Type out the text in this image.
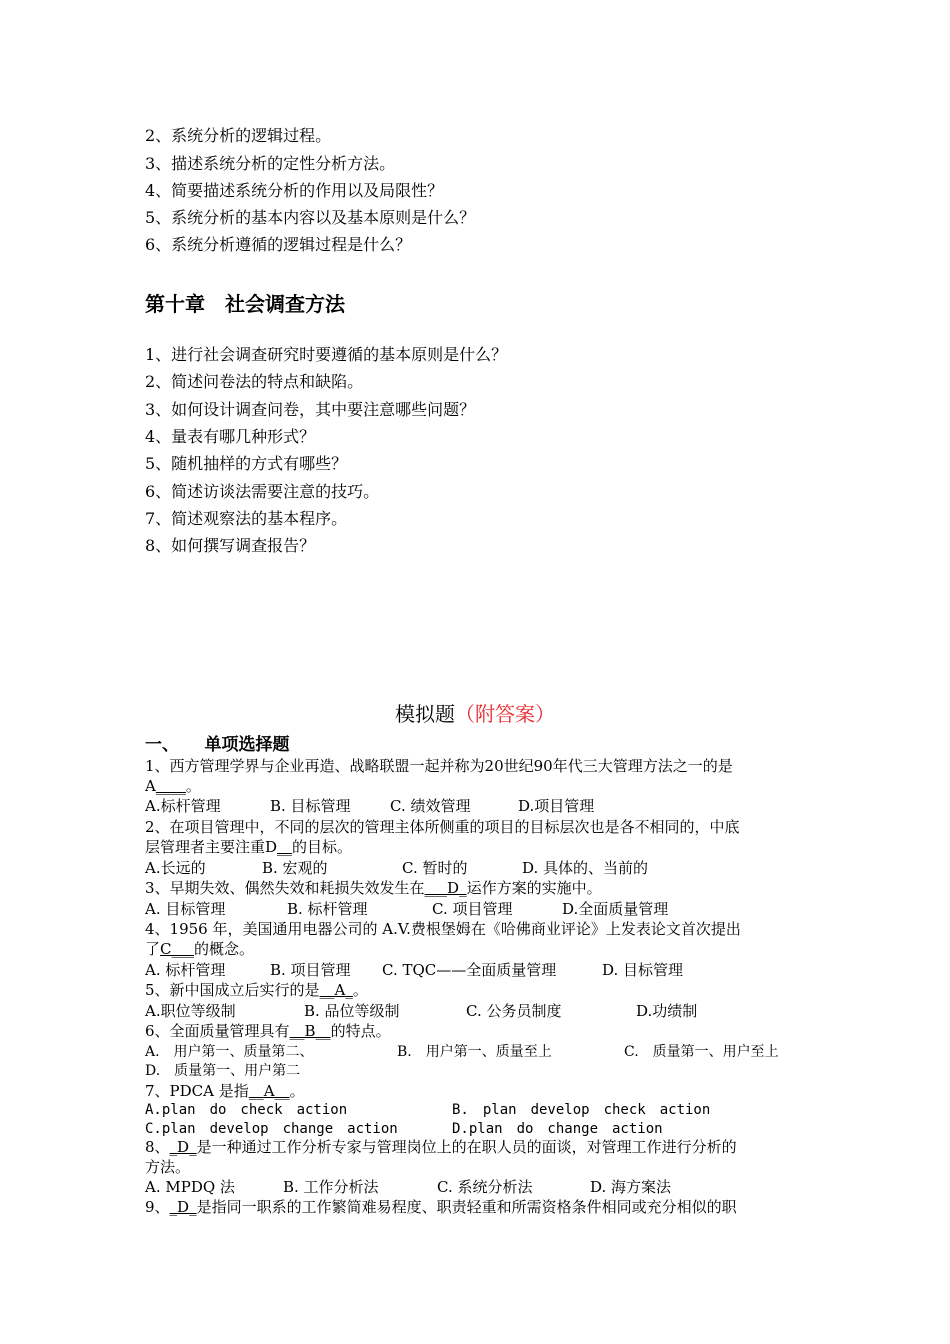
2、系统分析的逻辑过程。
3、描述系统分析的定性分析方法。
4、简要描述系统分析的作用以及局限性？
5、系统分析的基本内容以及基本原则是什么？
6、系统分析遵循的逻辑过程是什么？
第十章　社会调查方法
1、进行社会调查研究时要遵循的基本原则是什么？
2、简述问卷法的特点和缺陷。
3、如何设计调查问卷，其中要注意哪些问题？
4、量表有哪几种形式？
5、随机抽样的方式有哪些？
6、简述访谈法需要注意的技巧。
7、简述观察法的基本程序。
8、如何撰写调查报告？
模拟题（附答案）
一、　　单项选择题
1、西方管理学界与企业再造、战略联盟一起并称为20世纪90年代三大管理方法之一的是
A____。
A.标杆管理	B. 目标管理	C. 绩效管理	D.项目管理
2、在项目管理中，不同的层次的管理主体所侧重的项目的目标层次也是各不相同的，中底
层管理者主要注重D__的目标。
A.长远的	B. 宏观的	C. 暂时的	D. 具体的、当前的
3、早期失效、偶然失效和耗损失效发生在___D_运作方案的实施中。
A. 目标管理	B. 标杆管理	C. 项目管理	D.全面质量管理
4、1956 年，美国通用电器公司的 A.V.费根堡姆在《哈佛商业评论》上发表论文首次提出
了C___的概念。
A. 标杆管理	B. 项目管理 C. TQC——全面质量管理	D. 目标管理
5、新中国成立后实行的是__A_。
A.职位等级制	B. 品位等级制	C. 公务员制度	D.功绩制
6、全面质量管理具有__B__的特点。
A.　用户第一、质量第二、	B.　用户第一、质量至上	C.　质量第一、用户至上
D.　质量第一、用户第二
7、PDCA 是指__A__。
A.plan　do　check　action	B.　plan　develop　check　action
C.plan　develop　change　action	D.plan　do　change　action
8、_D_是一种通过工作分析专家与管理岗位上的在职人员的面谈，对管理工作进行分析的
方法。
A. MPDQ 法	B. 工作分析法	C. 系统分析法	D. 海方案法
9、_D_是指同一职系的工作繁简难易程度、职责轻重和所需资格条件相同或充分相似的职
